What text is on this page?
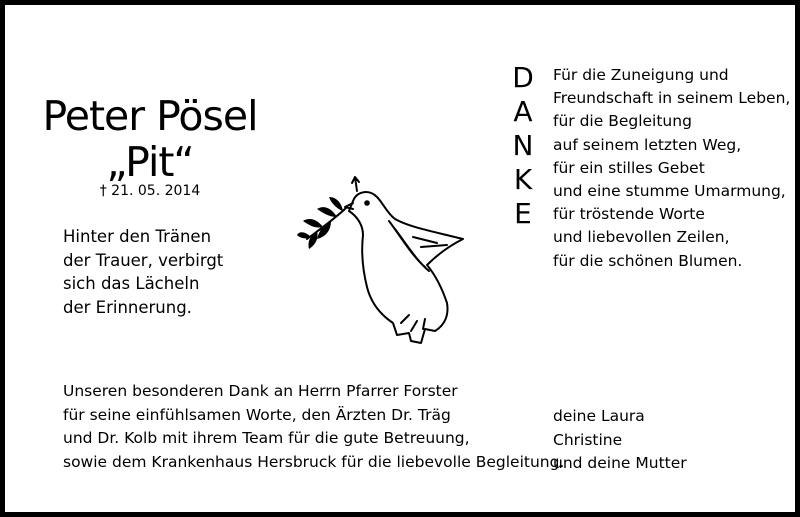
Peter Pösel
„Pit“
† 21. 05. 2014
Hinter den Tränen
der Trauer, verbirgt
sich das Lächeln
der Erinnerung.
D
A
N
K
E
Für die Zuneigung und
Freundschaft in seinem Leben,
für die Begleitung
auf seinem letzten Weg,
für ein stilles Gebet
und eine stumme Umarmung,
für tröstende Worte
und liebevollen Zeilen,
für die schönen Blumen.
Unseren besonderen Dank an Herrn Pfarrer Forster
für seine einfühlsamen Worte, den Ärzten Dr. Träg
und Dr. Kolb mit ihrem Team für die gute Betreuung,
sowie dem Krankenhaus Hersbruck für die liebevolle Begleitung.
deine Laura
Christine
und deine Mutter
